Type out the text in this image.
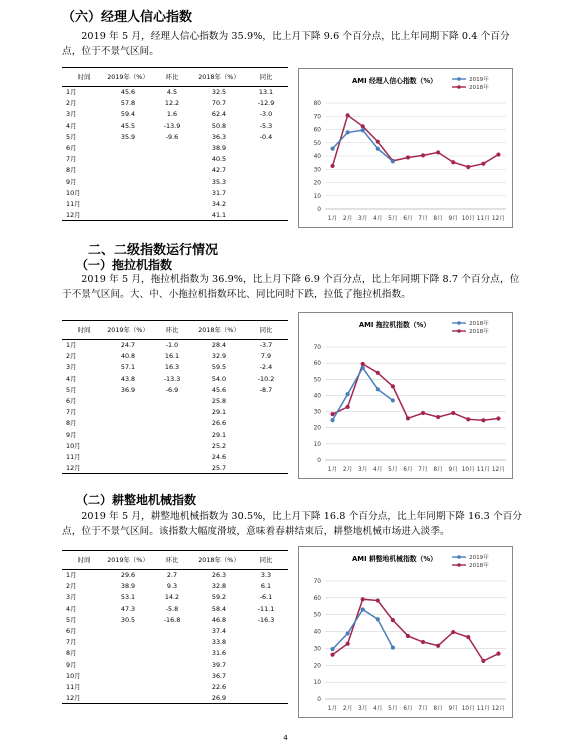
（六）经理人信心指数

2019 年 5 月，经理人信心指数为 35.9%，比上月下降 9.6 个百分点，比上年同期下降 0.4 个百分点，位于不景气区间。

时间	2019年（%）	环比	2018年（%）	同比
1月	45.6	4.5	32.5	13.1
2月	57.8	12.2	70.7	-12.9
3月	59.4	1.6	62.4	-3.0
4月	45.5	-13.9	50.8	-5.3
5月	35.9	-9.6	36.3	-0.4
6月			38.9	
7月			40.5	
8月			42.7	
9月			35.3	
10月			31.7	
11月			34.2	
12月			41.1	
AMI 经理人信心指数（%）
0
10
20
30
40
50
60
70
80
1月 2月 3月 4月 5月 6月 7月 8月 9月 10月 11月 12月
2019年
2018年
二、二级指数运行情况
（一）拖拉机指数

2019 年 5 月，拖拉机指数为 36.9%，比上月下降 6.9 个百分点，比上年同期下降 8.7 个百分点，位于不景气区间。大、中、小拖拉机指数环比、同比同时下跌，拉低了拖拉机指数。

时间	2019年（%）	环比	2018年（%）	同比
1月	24.7	-1.0	28.4	-3.7
2月	40.8	16.1	32.9	7.9
3月	57.1	16.3	59.5	-2.4
4月	43.8	-13.3	54.0	-10.2
5月	36.9	-6.9	45.6	-8.7
6月			25.8	
7月			29.1	
8月			26.6	
9月			29.1	
10月			25.2	
11月			24.6	
12月			25.7	
AMI 拖拉机指数（%）
0
10
20
30
40
50
60
70
1月 2月 3月 4月 5月 6月 7月 8月 9月 10月 11月 12月
2018年
2018年
（二）耕整地机械指数

2019 年 5 月，耕整地机械指数为 30.5%，比上月下降 16.8 个百分点，比上年同期下降 16.3 个百分点，位于不景气区间。该指数大幅度滑坡，意味着春耕结束后，耕整地机械市场进入淡季。

时间	2019年（%）	环比	2018年（%）	同比
1月	29.6	2.7	26.3	3.3
2月	38.9	9.3	32.8	6.1
3月	53.1	14.2	59.2	-6.1
4月	47.3	-5.8	58.4	-11.1
5月	30.5	-16.8	46.8	-16.3
6月			37.4	
7月			33.8	
8月			31.6	
9月			39.7	
10月			36.7	
11月			22.6	
12月			26.9	
AMI 耕整地机械指数（%）
0
10
20
30
40
50
60
70
1月 2月 3月 4月 5月 6月 7月 8月 9月 10月 11月 12月
2019年
2018年
4
